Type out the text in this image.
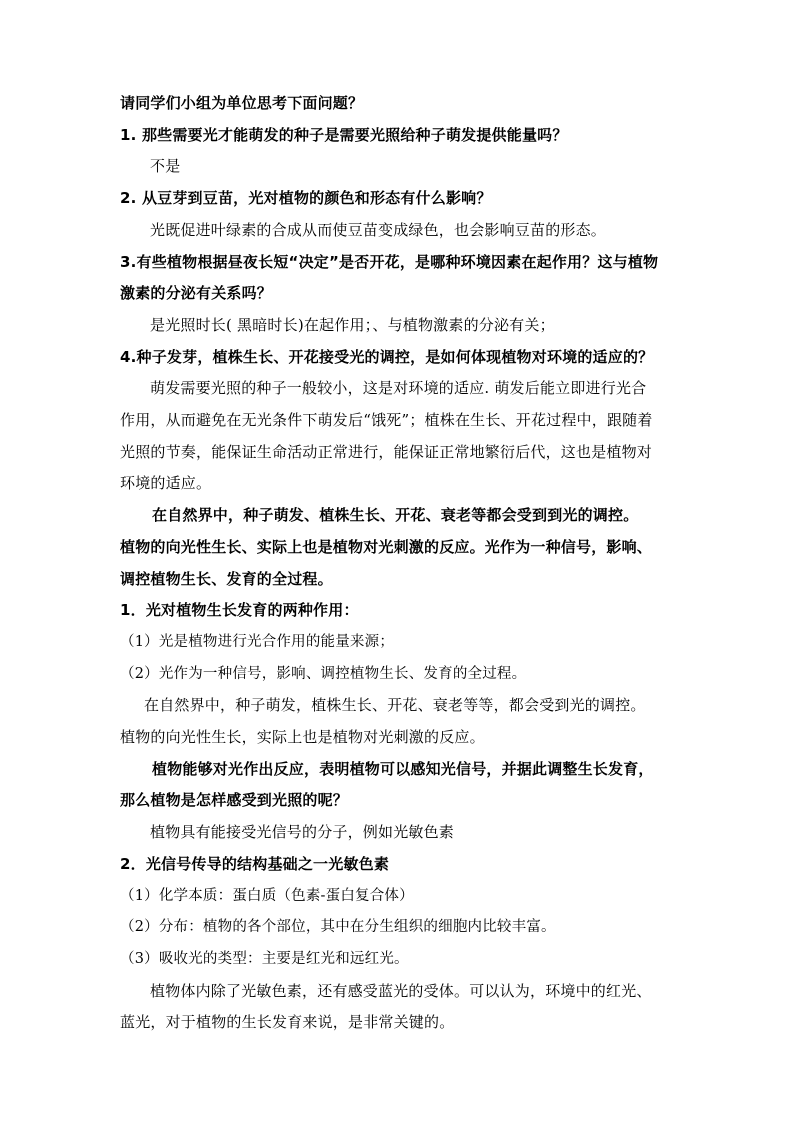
请同学们小组为单位思考下面问题？
1. 那些需要光才能萌发的种子是需要光照给种子萌发提供能量吗？
不是
2. 从豆芽到豆苗，光对植物的颜色和形态有什么影响？
光既促进叶绿素的合成从而使豆苗变成绿色，也会影响豆苗的形态。
3.有些植物根据昼夜长短“决定”是否开花，是哪种环境因素在起作用？这与植物
激素的分泌有关系吗？
是光照时长( 黑暗时长)在起作用；、与植物激素的分泌有关；
4.种子发芽，植株生长、开花接受光的调控，是如何体现植物对环境的适应的？
萌发需要光照的种子一般较小，这是对环境的适应. 萌发后能立即进行光合
作用，从而避免在无光条件下萌发后“饿死”；植株在生长、开花过程中，跟随着
光照的节奏，能保证生命活动正常进行，能保证正常地繁衍后代，这也是植物对
环境的适应。
在自然界中，种子萌发、植株生长、开花、衰老等都会受到到光的调控。
植物的向光性生长、实际上也是植物对光刺激的反应。光作为一种信号，影响、
调控植物生长、发育的全过程。
1．光对植物生长发育的两种作用：
（1）光是植物进行光合作用的能量来源；
（2）光作为一种信号，影响、调控植物生长、发育的全过程。
在自然界中，种子萌发，植株生长、开花、衰老等等，都会受到光的调控。
植物的向光性生长，实际上也是植物对光刺激的反应。
植物能够对光作出反应，表明植物可以感知光信号，并据此调整生长发育，
那么植物是怎样感受到光照的呢？
植物具有能接受光信号的分子，例如光敏色素
2．光信号传导的结构基础之一光敏色素
（1）化学本质：蛋白质（色素-蛋白复合体）
（2）分布：植物的各个部位，其中在分生组织的细胞内比较丰富。
（3）吸收光的类型：主要是红光和远红光。
植物体内除了光敏色素，还有感受蓝光的受体。可以认为，环境中的红光、
蓝光，对于植物的生长发育来说，是非常关键的。
